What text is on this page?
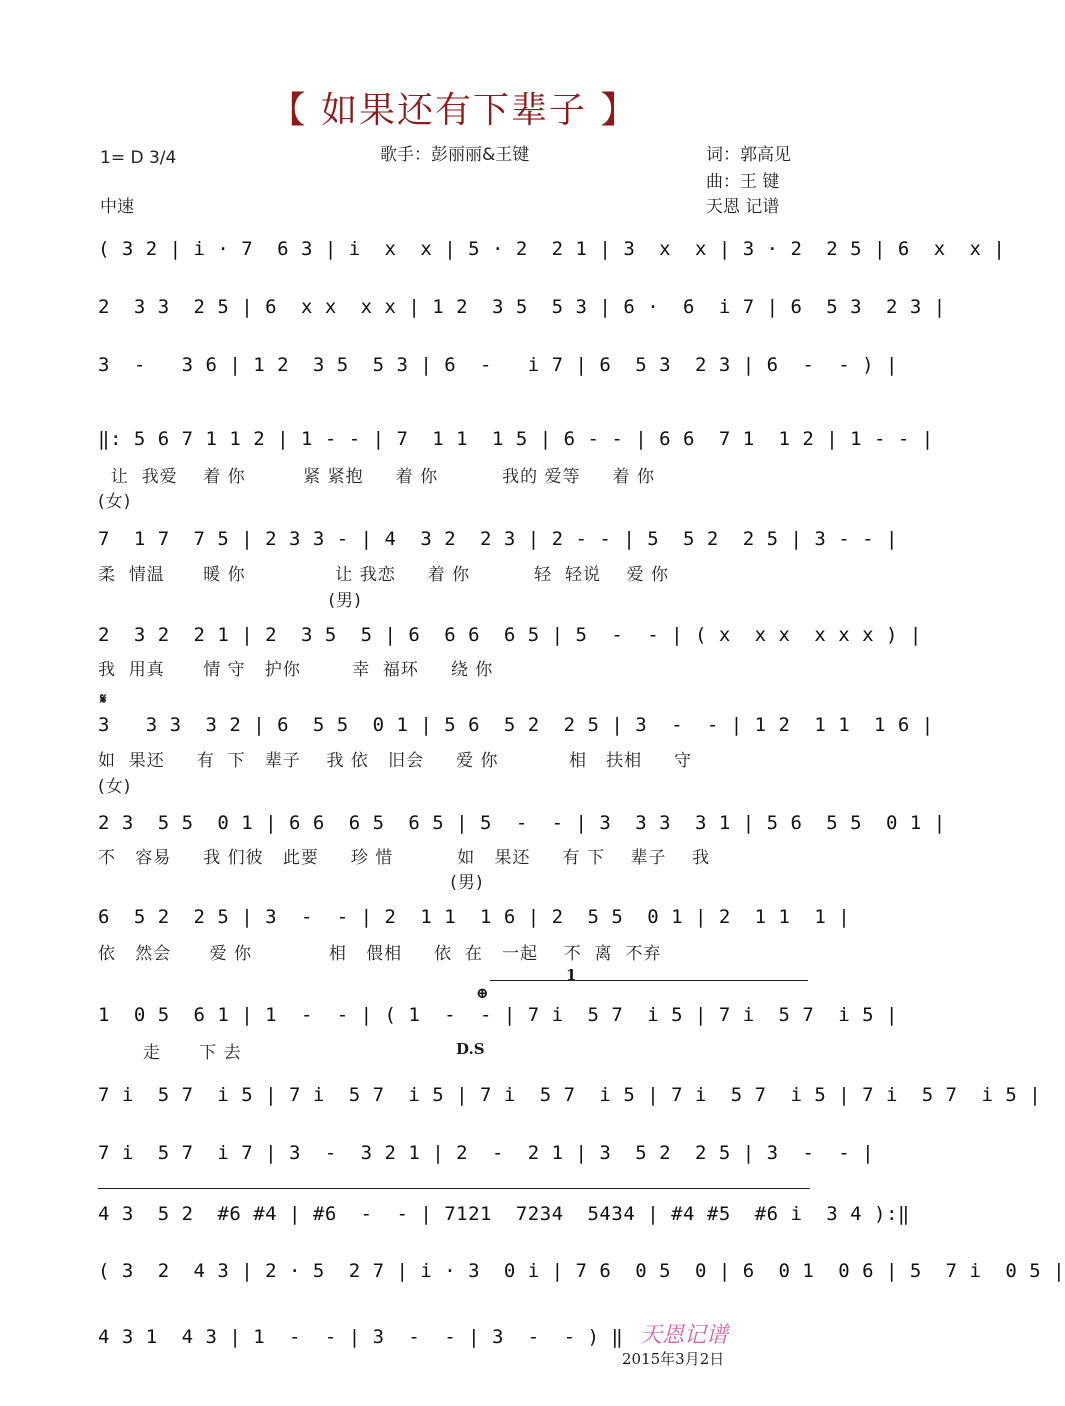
【 如果还有下辈子 】
1= D 3/4
中速
歌手：彭丽丽&王键	词：郭高见
曲：王 键
天恩 记谱
( 3 2 | i · 7  6 3 | i  x  x | 5 · 2  2 1 | 3  x  x | 3 · 2  2 5 | 6  x  x |
2  3 3  2 5 | 6  x x  x x | 1 2  3 5  5 3 | 6 ·  6  i 7 | 6  5 3  2 3 |
3  -   3 6 | 1 2  3 5  5 3 | 6  -   i 7 | 6  5 3  2 3 | 6  -  - ) |
‖: 5 6 7 1 1 2 | 1 - - | 7  1 1  1 5 | 6 - - | 6 6  7 1  1 2 | 1 - - |
让  我爱    着 你         紧 紧抱     着 你          我的 爱等     着 你
(女)
7  1 7  7 5 | 2 3 3 - | 4  3 2  2 3 | 2 - - | 5  5 2  2 5 | 3 - - |
柔  情温      暖 你              让 我恋     着 你          轻  轻说    爱 你
(男)
2  3 2  2 1 | 2  3 5  5 | 6  6 6  6 5 | 5  -  - | ( x  x x  x x x ) |
我  用真      情 守   护你        幸  福环     绕 你
𝄋
3   3 3  3 2 | 6  5 5  0 1 | 5 6  5 2  2 5 | 3  -  - | 1 2  1 1  1 6 |
如  果还     有  下   辈子    我 依   旧会     爱 你           相   扶相     守
(女)
2 3  5 5  0 1 | 6 6  6 5  6 5 | 5  -  - | 3  3 3  3 1 | 5 6  5 5  0 1 |
不   容易     我 们彼   此要     珍 惜          如   果还     有 下    辈子    我
(男)
6  5 2  2 5 | 3  -  - | 2  1 1  1 6 | 2  5 5  0 1 | 2  1 1  1 |
依   然会      爱 你            相   偎相     依  在   一起    不  离  不弃
1
⊕
1  0 5  6 1 | 1  -  - | ( 1  -  - | 7 i  5 7  i 5 | 7 i  5 7  i 5 |
走      下 去	D.S
7 i  5 7  i 5 | 7 i  5 7  i 5 | 7 i  5 7  i 5 | 7 i  5 7  i 5 | 7 i  5 7  i 5 |
7 i  5 7  i 7 | 3  -  3 2 1 | 2  -  2 1 | 3  5 2  2 5 | 3  -  - |
4 3  5 2  #6 #4 | #6  -  - | 7121  7234  5434 | #4 #5  #6 i  3 4 ):‖
( 3  2  4 3 | 2 · 5  2 7 | i · 3  0 i | 7 6  0 5  0 | 6  0 1  0 6 | 5  7 i  0 5 |
4 3 1  4 3 | 1  -  - | 3  -  - | 3  -  - ) ‖ 天恩记谱
2015年3月2日
